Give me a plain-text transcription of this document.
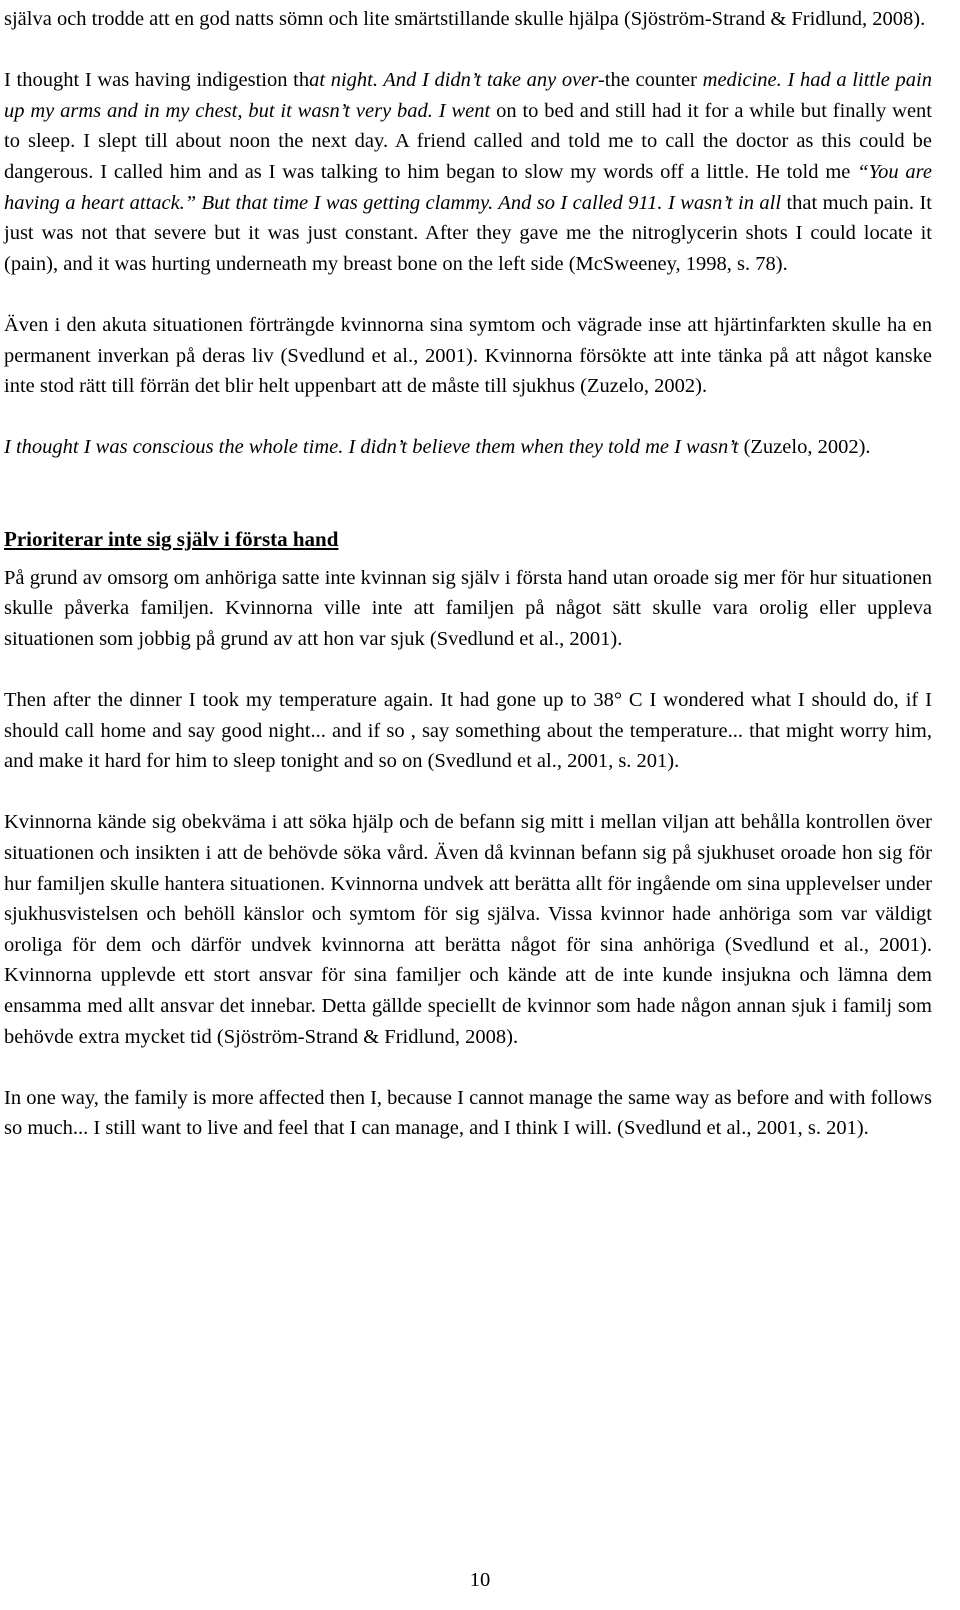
själva och trodde att en god natts sömn och lite smärtstillande skulle hjälpa (Sjöström-Strand & Fridlund, 2008).

I thought I was having indigestion that night. And I didn’t take any over-the counter medicine. I had a little pain up my arms and in my chest, but it wasn’t very bad. I went on to bed and still had it for a while but finally went to sleep. I slept till about noon the next day. A friend called and told me to call the doctor as this could be dangerous. I called him and as I was talking to him began to slow my words off a little. He told me “You are having a heart attack.” But that time I was getting clammy. And so I called 911. I wasn’t in all that much pain. It just was not that severe but it was just constant. After they gave me the nitroglycerin shots I could locate it (pain), and it was hurting underneath my breast bone on the left side (McSweeney, 1998, s. 78).

Även i den akuta situationen förträngde kvinnorna sina symtom och vägrade inse att hjärtinfarkten skulle ha en permanent inverkan på deras liv (Svedlund et al., 2001). Kvinnorna försökte att inte tänka på att något kanske inte stod rätt till förrän det blir helt uppenbart att de måste till sjukhus (Zuzelo, 2002).

I thought I was conscious the whole time. I didn’t believe them when they told me I wasn’t (Zuzelo, 2002).

Prioriterar inte sig själv i första hand

På grund av omsorg om anhöriga satte inte kvinnan sig själv i första hand utan oroade sig mer för hur situationen skulle påverka familjen. Kvinnorna ville inte att familjen på något sätt skulle vara orolig eller uppleva situationen som jobbig på grund av att hon var sjuk (Svedlund et al., 2001).

Then after the dinner I took my temperature again. It had gone up to 38° C I wondered what I should do, if I should call home and say good night... and if so , say something about the temperature... that might worry him, and make it hard for him to sleep tonight and so on (Svedlund et al., 2001, s. 201).

Kvinnorna kände sig obekväma i att söka hjälp och de befann sig mitt i mellan viljan att behålla kontrollen över situationen och insikten i att de behövde söka vård. Även då kvinnan befann sig på sjukhuset oroade hon sig för hur familjen skulle hantera situationen. Kvinnorna undvek att berätta allt för ingående om sina upplevelser under sjukhusvistelsen och behöll känslor och symtom för sig själva. Vissa kvinnor hade anhöriga som var väldigt oroliga för dem och därför undvek kvinnorna att berätta något för sina anhöriga (Svedlund et al., 2001). Kvinnorna upplevde ett stort ansvar för sina familjer och kände att de inte kunde insjukna och lämna dem ensamma med allt ansvar det innebar. Detta gällde speciellt de kvinnor som hade någon annan sjuk i familj som behövde extra mycket tid (Sjöström-Strand & Fridlund, 2008).

In one way, the family is more affected then I, because I cannot manage the same way as before and with follows so much... I still want to live and feel that I can manage, and I think I will. (Svedlund et al., 2001, s. 201).

10
